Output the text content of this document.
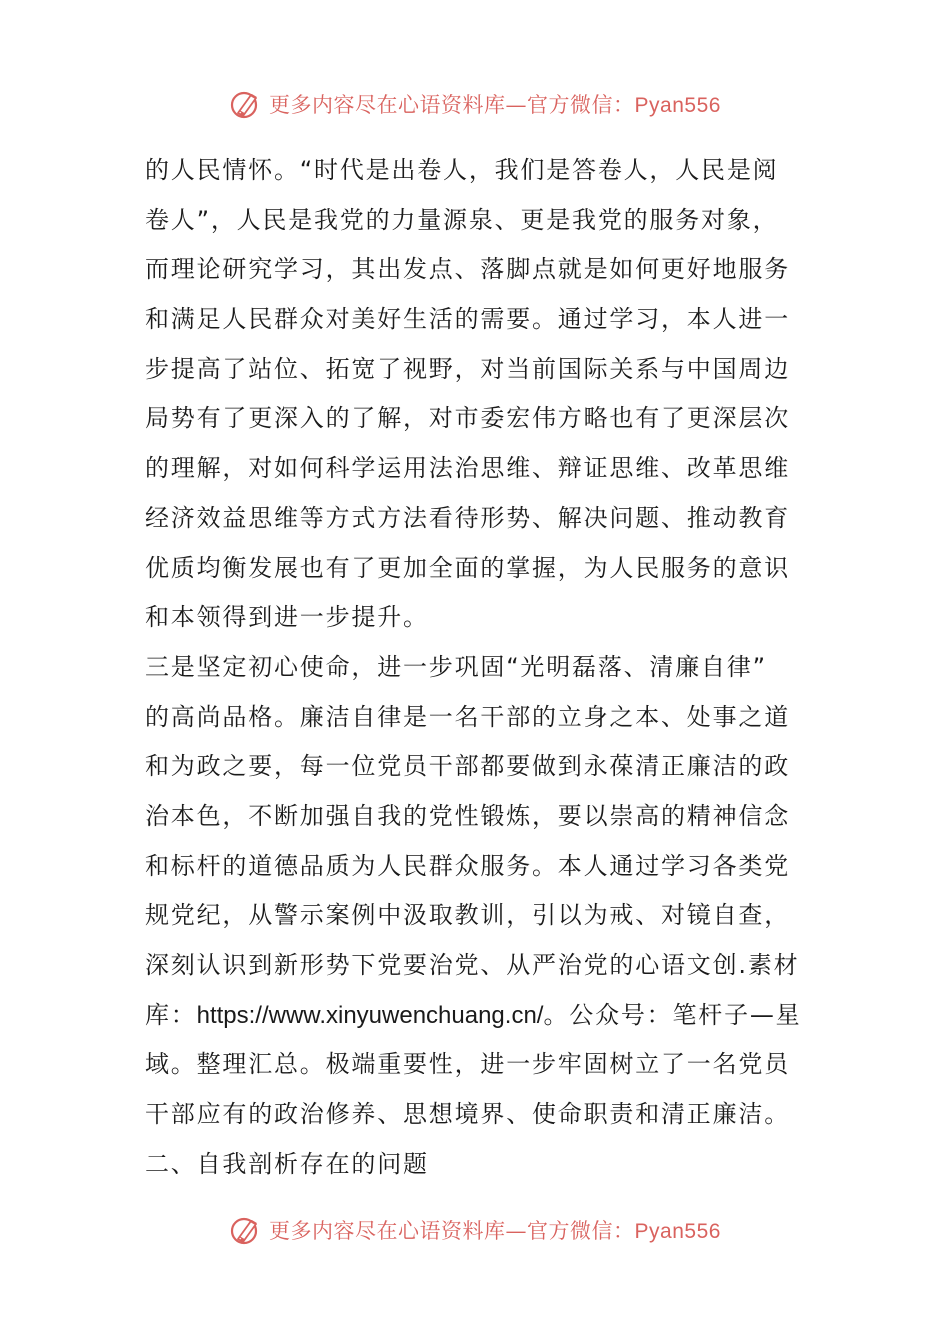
更多内容尽在心语资料库—官方微信：Pyan556
的人民情怀。“时代是出卷人，我们是答卷人，人民是阅
卷人”，人民是我党的力量源泉、更是我党的服务对象，
而理论研究学习，其出发点、落脚点就是如何更好地服务
和满足人民群众对美好生活的需要。通过学习，本人进一
步提高了站位、拓宽了视野，对当前国际关系与中国周边
局势有了更深入的了解，对市委宏伟方略也有了更深层次
的理解，对如何科学运用法治思维、辩证思维、改革思维
经济效益思维等方式方法看待形势、解决问题、推动教育
优质均衡发展也有了更加全面的掌握，为人民服务的意识
和本领得到进一步提升。
三是坚定初心使命，进一步巩固“光明磊落、清廉自律”
的高尚品格。廉洁自律是一名干部的立身之本、处事之道
和为政之要，每一位党员干部都要做到永葆清正廉洁的政
治本色，不断加强自我的党性锻炼，要以崇高的精神信念
和标杆的道德品质为人民群众服务。本人通过学习各类党
规党纪，从警示案例中汲取教训，引以为戒、对镜自查，
深刻认识到新形势下党要治党、从严治党的心语文创.素材
库：https://www.xinyuwenchuang.cn/。公众号：笔杆子—星
域。整理汇总。极端重要性，进一步牢固树立了一名党员
干部应有的政治修养、思想境界、使命职责和清正廉洁。
二、自我剖析存在的问题
更多内容尽在心语资料库—官方微信：Pyan556
